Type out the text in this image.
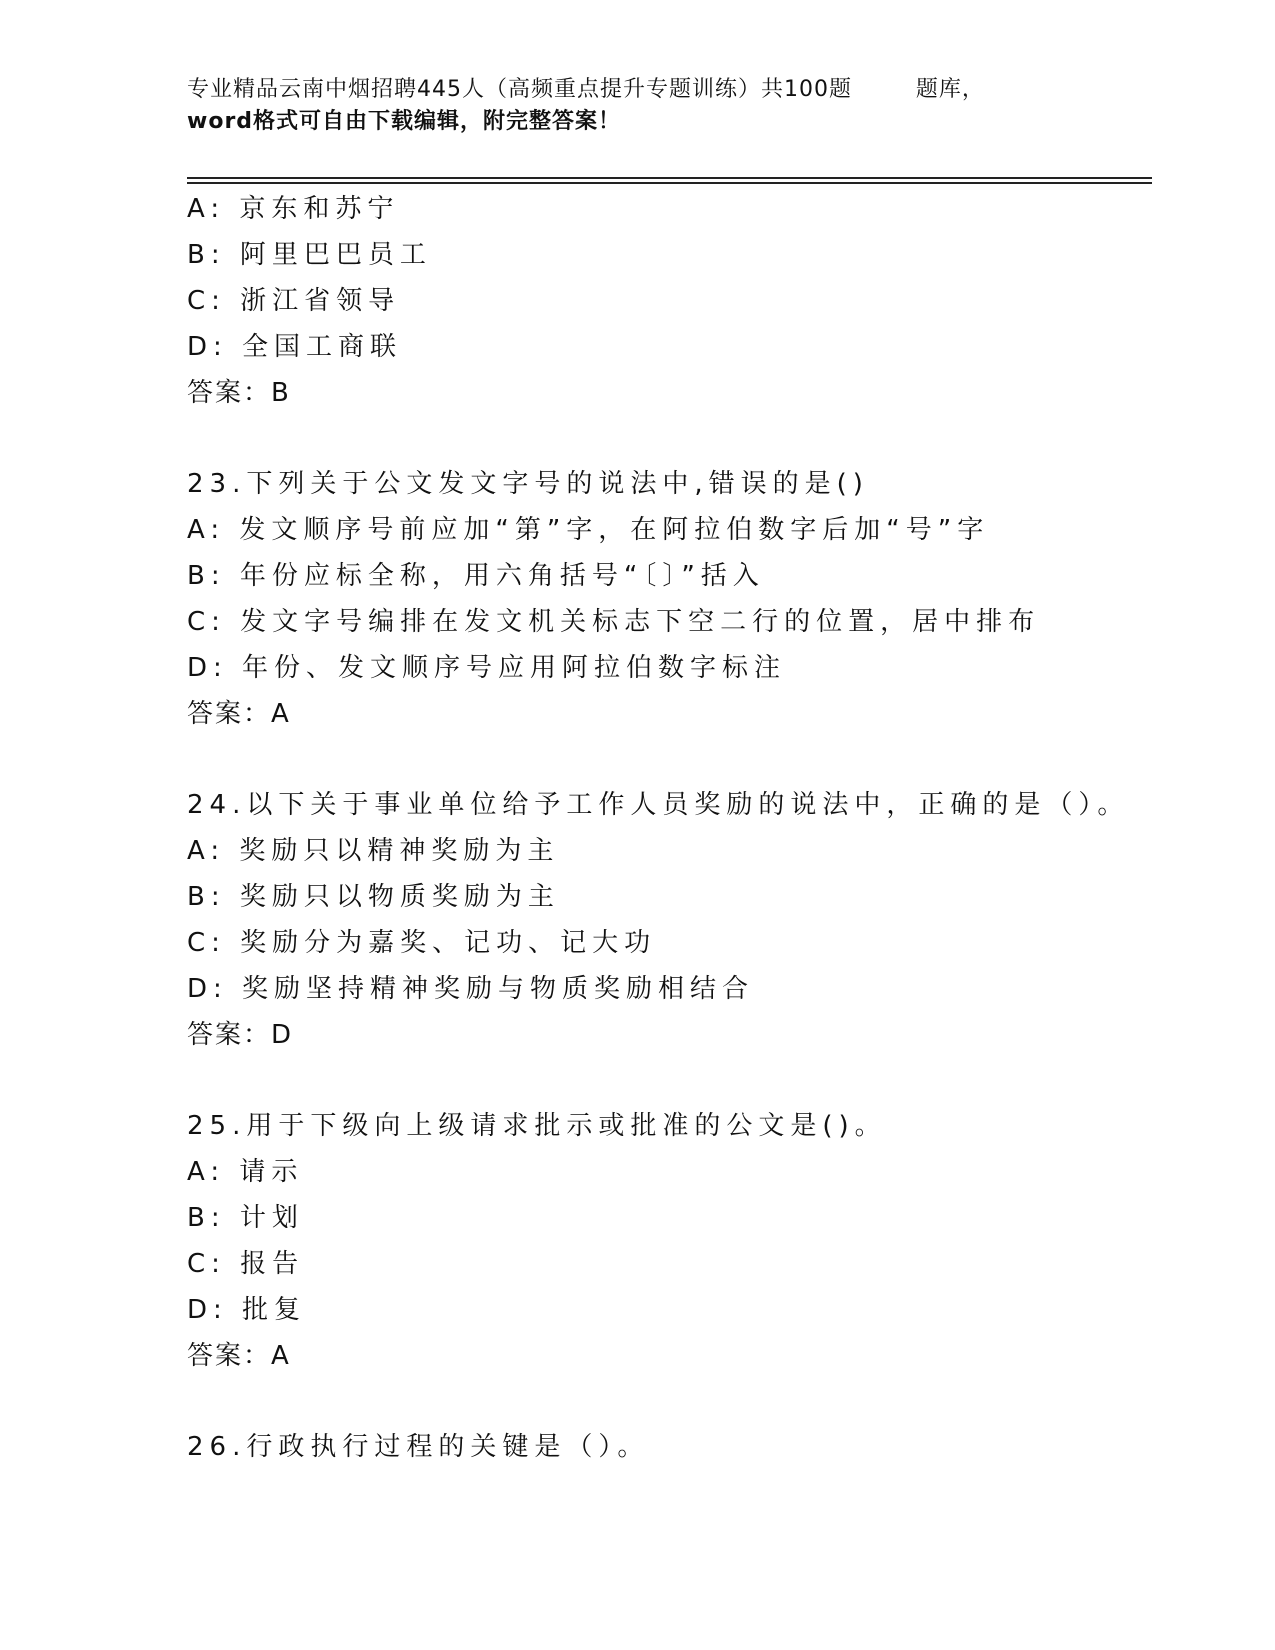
专业精品云南中烟招聘445人（高频重点提升专题训练）共100题        题库，
word格式可自由下载编辑，附完整答案！
A: 京东和苏宁
B: 阿里巴巴员工
C: 浙江省领导
D: 全国工商联
答案：B
23.下列关于公文发文字号的说法中,错误的是()
A: 发文顺序号前应加“第”字，在阿拉伯数字后加“号”字
B: 年份应标全称，用六角括号“〔〕”括入
C: 发文字号编排在发文机关标志下空二行的位置，居中排布
D: 年份、发文顺序号应用阿拉伯数字标注
答案：A
24.以下关于事业单位给予工作人员奖励的说法中，正确的是（）。
A: 奖励只以精神奖励为主
B: 奖励只以物质奖励为主
C: 奖励分为嘉奖、记功、记大功
D: 奖励坚持精神奖励与物质奖励相结合
答案：D
25.用于下级向上级请求批示或批准的公文是()。
A: 请示
B: 计划
C: 报告
D: 批复
答案：A
26.行政执行过程的关键是（）。
